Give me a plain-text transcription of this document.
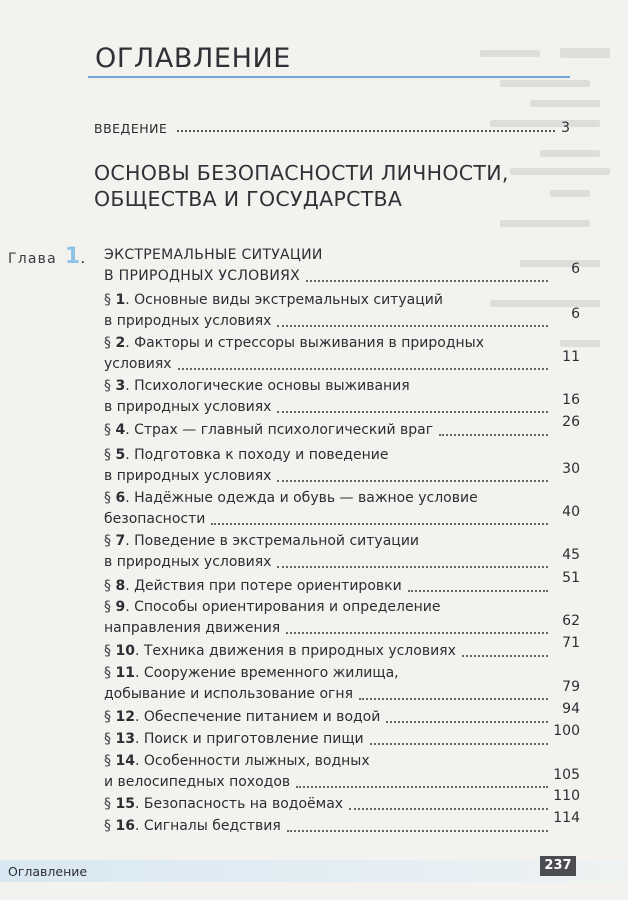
ОГЛАВЛЕНИЕ
ВВЕДЕНИЕ	3
ОСНОВЫ БЕЗОПАСНОСТИ ЛИЧНОСТИ,
ОБЩЕСТВА И ГОСУДАРСТВА
Глава 1 . ЭКСТРЕМАЛЬНЫЕ СИТУАЦИИ
В ПРИРОДНЫХ УСЛОВИЯХ	6
§ 1. Основные виды экстремальных ситуаций
в природных условиях	6
§ 2. Факторы и стрессоры выживания в природных
условиях	11
§ 3. Психологические основы выживания
в природных условиях	16
§ 4. Страх — главный психологический враг	26
§ 5. Подготовка к походу и поведение
в природных условиях	30
§ 6. Надёжные одежда и обувь — важное условие
безопасности	40
§ 7. Поведение в экстремальной ситуации
в природных условиях	45
§ 8. Действия при потере ориентировки	51
§ 9. Способы ориентирования и определение
направления движения	62
§ 10. Техника движения в природных условиях	71
§ 11. Сооружение временного жилища,
добывание и использование огня	79
§ 12. Обеспечение питанием и водой	94
§ 13. Поиск и приготовление пищи	100
§ 14. Особенности лыжных, водных
и велосипедных походов	105
§ 15. Безопасность на водоёмах	110
§ 16. Сигналы бедствия	114
Оглавление	237
